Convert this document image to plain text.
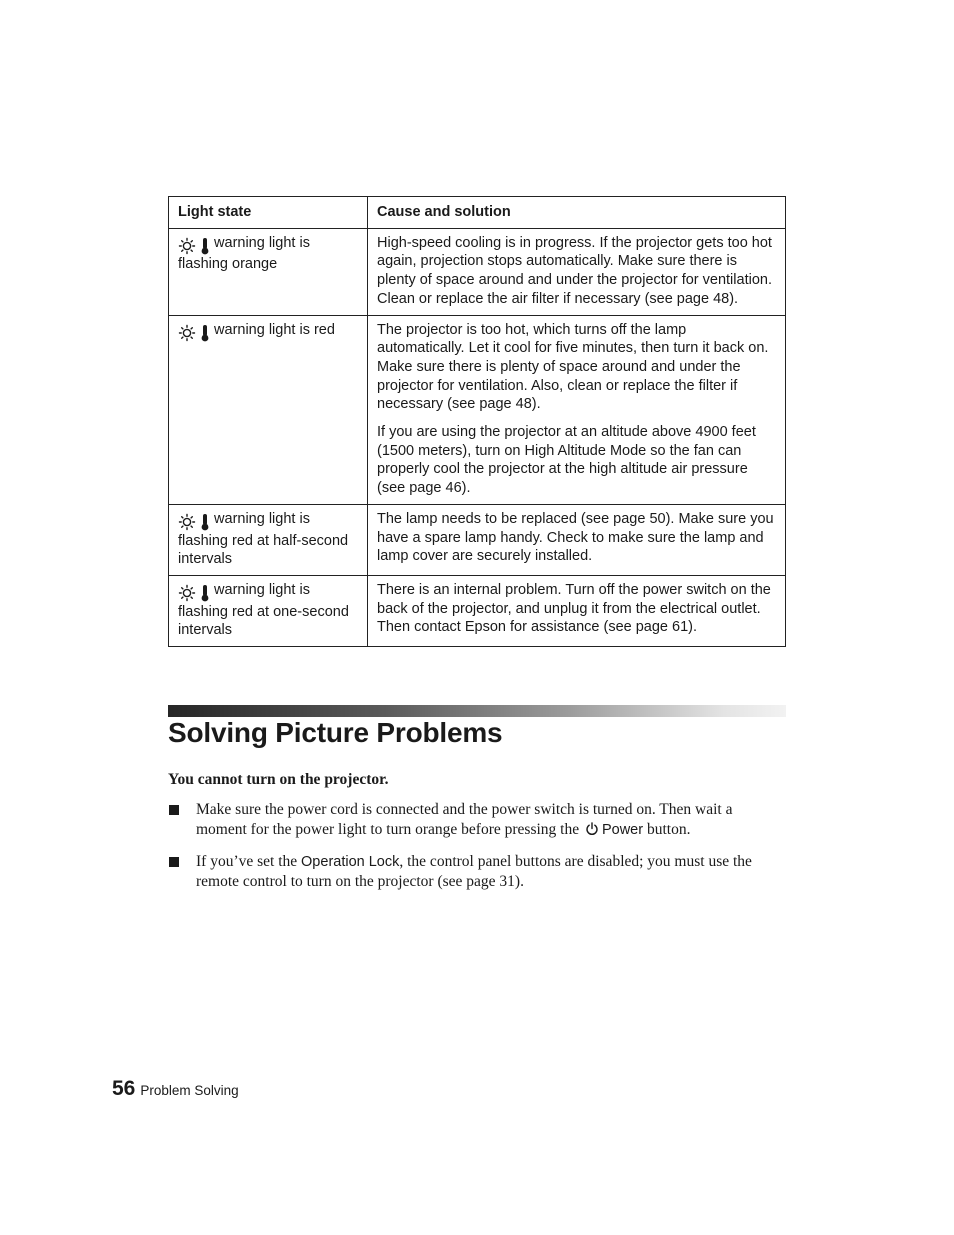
Light state	Cause and solution
warning light is flashing orange	High-speed cooling is in progress. If the projector gets too hot again, projection stops automatically. Make sure there is plenty of space around and under the projector for ventilation. Clean or replace the air filter if necessary (see page 48).

warning light is red	The projector is too hot, which turns off the lamp automatically. Let it cool for five minutes, then turn it back on. Make sure there is plenty of space around and under the projector for ventilation. Also, clean or replace the filter if necessary (see page 48).

If you are using the projector at an altitude above 4900 feet (1500 meters), turn on High Altitude Mode so the fan can properly cool the projector at the high altitude air pressure (see page 46).

warning light is flashing red at half-second intervals	The lamp needs to be replaced (see page 50). Make sure you have a spare lamp handy. Check to make sure the lamp and lamp cover are securely installed.

warning light is flashing red at one-second intervals	There is an internal problem. Turn off the power switch on the back of the projector, and unplug it from the electrical outlet. Then contact Epson for assistance (see page 61).

Solving Picture Problems

You cannot turn on the projector.

Make sure the power cord is connected and the power switch is turned on. Then wait a moment for the power light to turn orange before pressing the Power button.
If you’ve set the Operation Lock, the control panel buttons are disabled; you must use the remote control to turn on the projector (see page 31).
56 Problem Solving
